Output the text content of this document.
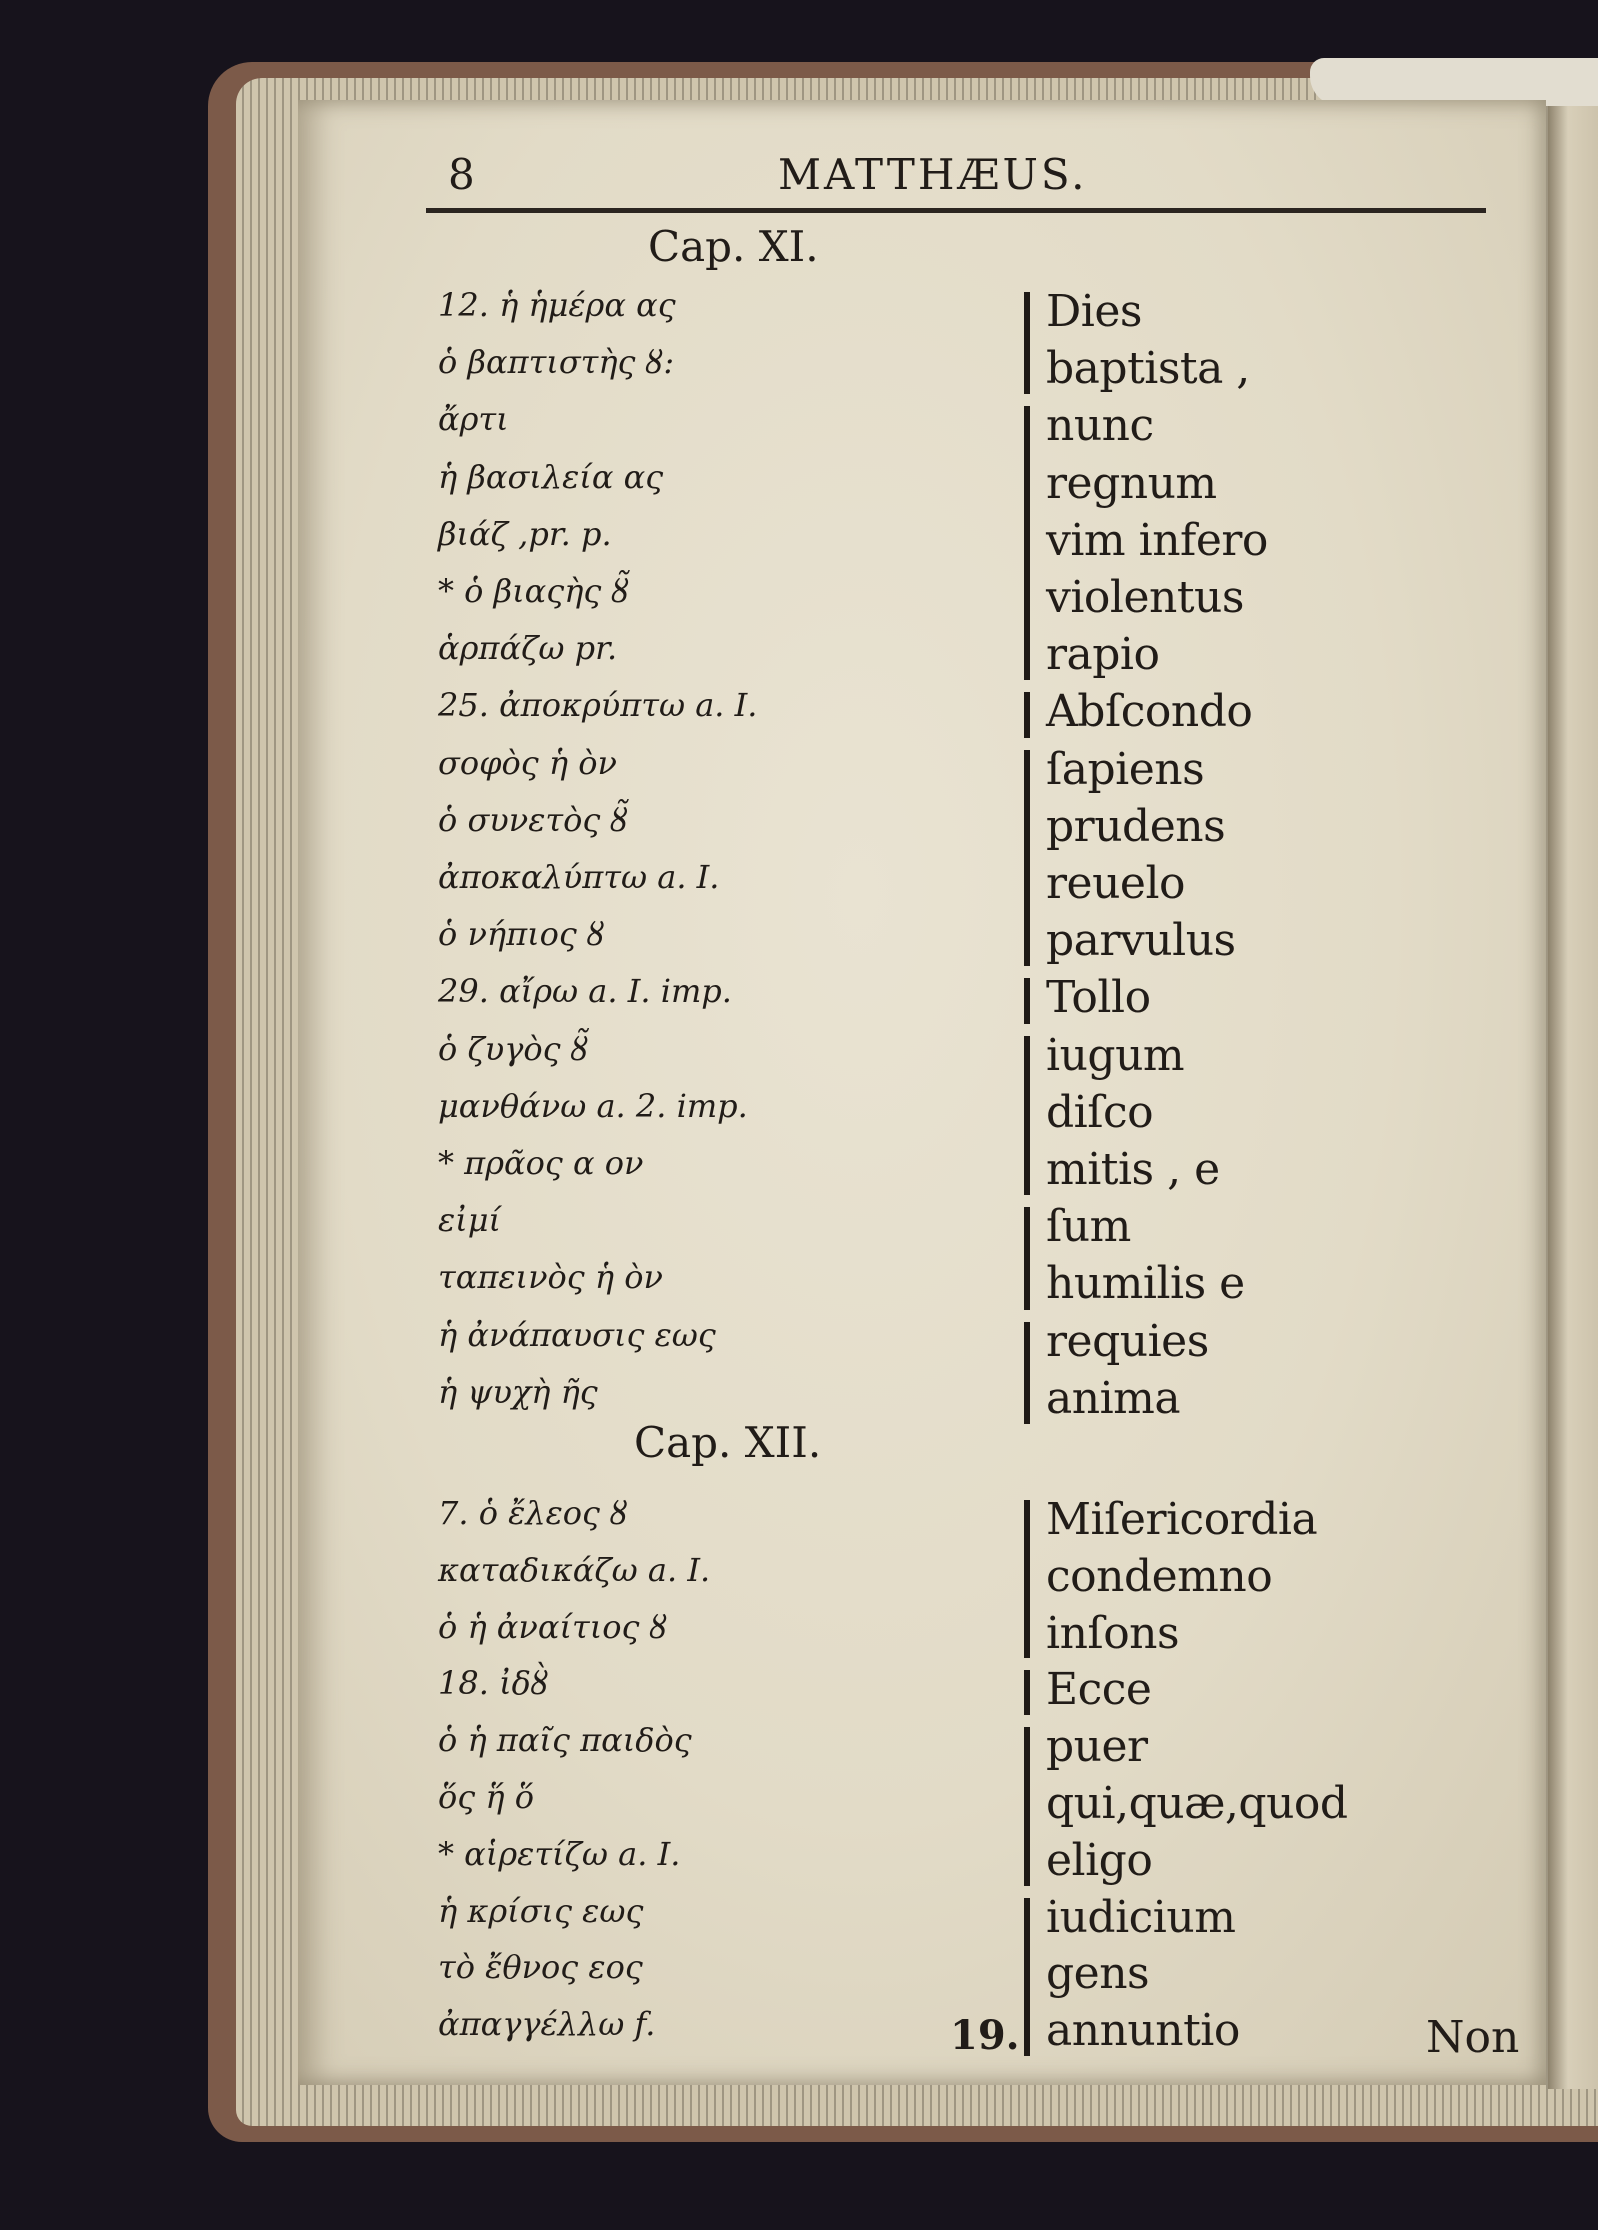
8	MATTHÆUS.
Cap. XI.
12. ἡ ἡμέρα ας	Dies
ὁ βαπτιστὴς ȣ:	baptista ,
ἄρτι	nunc
ἡ βασιλεία ας	regnum
βιάζ ,pr. p.	vim infero
* ὁ βιαςὴς ȣ̃	violentus
ἁρπάζω pr.	rapio
25. ἀποκρύπτω a. I.	Abſcondo
σοφὸς ἡ ὸν	ſapiens
ὁ συνετὸς ȣ̃	prudens
ἀποκαλύπτω a. I.	reuelo
ὁ νήπιος ȣ	parvulus
29. αἴρω a. I. imp.	Tollo
ὁ ζυγὸς ȣ̃	iugum
μανθάνω a. 2. imp.	diſco
* πρᾶος α ον	mitis , e
εἰμί	ſum
ταπεινὸς ἡ ὸν	humilis e
ἡ ἀνάπαυσις εως	requies
ἡ ψυχὴ ῆς	anima
Cap. XII.
7. ὁ ἔλεος ȣ	Miſericordia
καταδικάζω a. I.	condemno
ὁ ἡ ἀναίτιος ȣ	inſons
18. ἰδȣ̀	Ecce
ὁ ἡ παῖς παιδὸς	puer
ὅς ἥ ὅ	qui,quæ,quod
* αἱρετίζω a. I.	eligo
ἡ κρίσις εως	iudicium
τὸ ἔθνος εος	gens
ἀπαγγέλλω f.	annuntio
19.	Non
